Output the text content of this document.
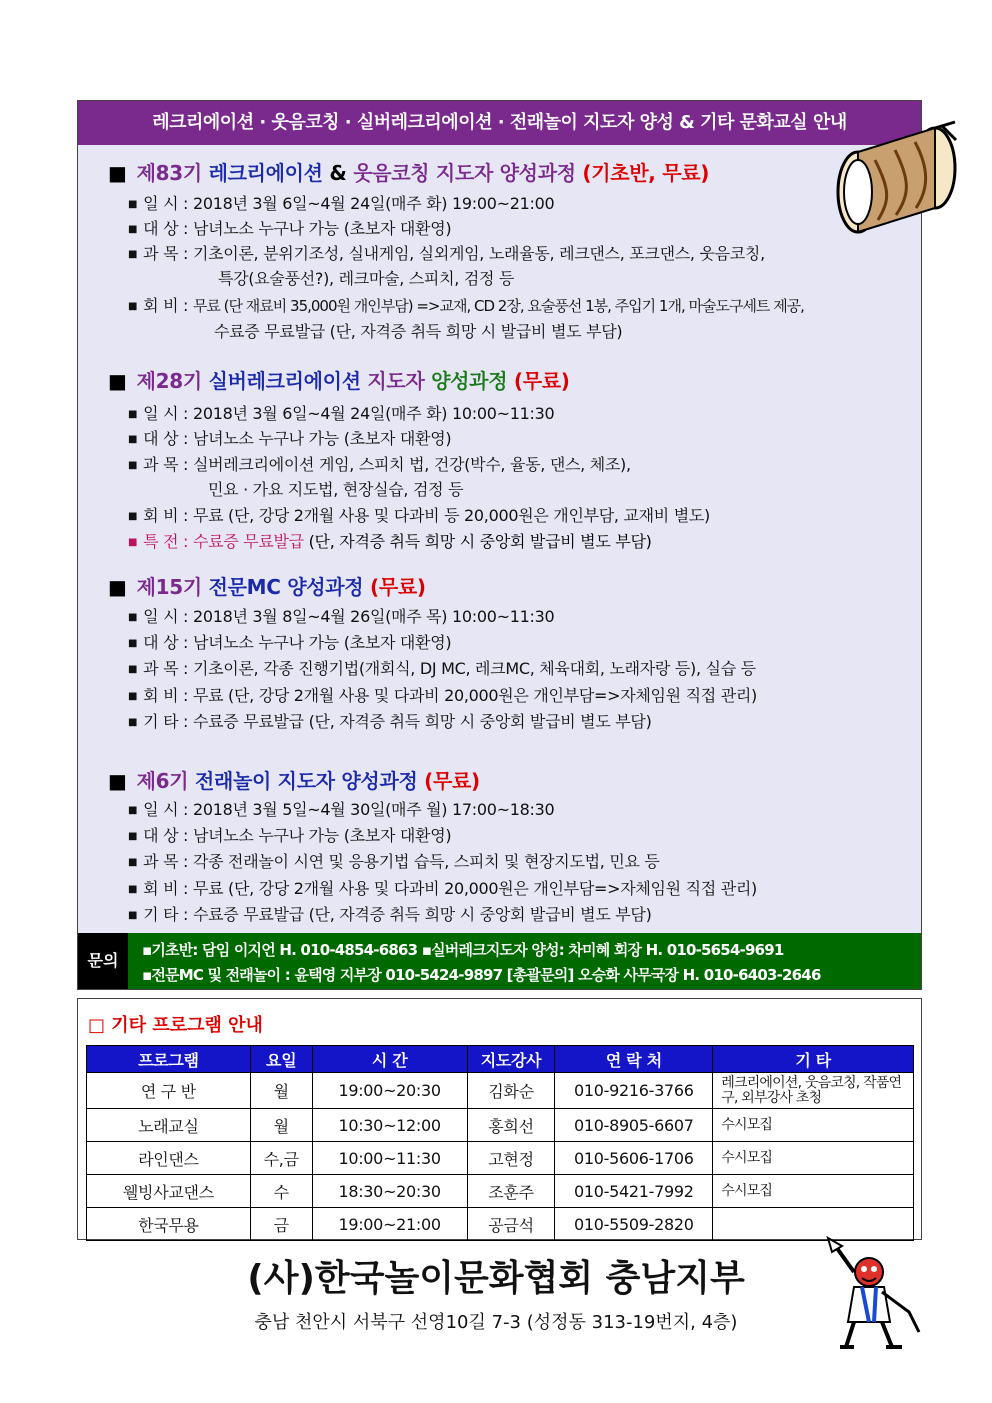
레크리에이션 · 웃음코칭 · 실버레크리에이션 · 전래놀이 지도자 양성 & 기타 문화교실 안내
■ 제83기 레크리에이션 & 웃음코칭 지도자 양성과정 (기초반, 무료)
■ 일 시 : 2018년 3월 6일~4월 24일(매주 화) 19:00~21:00
■ 대 상 : 남녀노소 누구나 가능 (초보자 대환영)
■ 과 목 : 기초이론, 분위기조성, 실내게임, 실외게임, 노래율동, 레크댄스, 포크댄스, 웃음코칭,
특강(요술풍선?), 레크마술, 스피치, 검정 등
■ 회 비 : 무료 (단 재료비 35,000원 개인부담) =>교재, CD 2장, 요술풍선 1봉, 주입기 1개, 마술도구세트 제공,
수료증 무료발급 (단, 자격증 취득 희망 시 발급비 별도 부담)
■ 제28기 실버레크리에이션 지도자 양성과정 (무료)
■ 일 시 : 2018년 3월 6일~4월 24일(매주 화) 10:00~11:30
■ 대 상 : 남녀노소 누구나 가능 (초보자 대환영)
■ 과 목 : 실버레크리에이션 게임, 스피치 법, 건강(박수, 율동, 댄스, 체조),
민요 · 가요 지도법, 현장실습, 검정 등
■ 회 비 : 무료 (단, 강당 2개월 사용 및 다과비 등 20,000원은 개인부담, 교재비 별도)
■ 특 전 : 수료증 무료발급 (단, 자격증 취득 희망 시 중앙회 발급비 별도 부담)
■ 제15기 전문MC 양성과정 (무료)
■ 일 시 : 2018년 3월 8일~4월 26일(매주 목) 10:00~11:30
■ 대 상 : 남녀노소 누구나 가능 (초보자 대환영)
■ 과 목 : 기초이론, 각종 진행기법(개회식, DJ MC, 레크MC, 체육대회, 노래자랑 등), 실습 등
■ 회 비 : 무료 (단, 강당 2개월 사용 및 다과비 20,000원은 개인부담=>자체임원 직접 관리)
■ 기 타 : 수료증 무료발급 (단, 자격증 취득 희망 시 중앙회 발급비 별도 부담)
■ 제6기 전래놀이 지도자 양성과정 (무료)
■ 일 시 : 2018년 3월 5일~4월 30일(매주 월) 17:00~18:30
■ 대 상 : 남녀노소 누구나 가능 (초보자 대환영)
■ 과 목 : 각종 전래놀이 시연 및 응용기법 습득, 스피치 및 현장지도법, 민요 등
■ 회 비 : 무료 (단, 강당 2개월 사용 및 다과비 20,000원은 개인부담=>자체임원 직접 관리)
■ 기 타 : 수료증 무료발급 (단, 자격증 취득 희망 시 중앙회 발급비 별도 부담)
문의
▪기초반: 담임 이지언 H. 010-4854-6863 ▪실버레크지도자 양성: 차미혜 회장 H. 010-5654-9691
▪전문MC 및 전래놀이 : 윤택영 지부장 010-5424-9897 [총괄문의] 오승화 사무국장 H. 010-6403-2646
□ 기타 프로그램 안내
프로그램	요일	시 간	지도강사	연 락 처	기 타
연 구 반	월	19:00~20:30	김화순	010-9216-3766	레크리에이션, 웃음코칭, 작품연구, 외부강사 초청
노래교실	월	10:30~12:00	홍희선	010-8905-6607	수시모집
라인댄스	수,금	10:00~11:30	고현정	010-5606-1706	수시모집
웰빙사교댄스	수	18:30~20:30	조훈주	010-5421-7992	수시모집
한국무용	금	19:00~21:00	공금석	010-5509-2820	
(사)한국놀이문화협회 충남지부
충남 천안시 서북구 선영10길 7-3 (성정동 313-19번지, 4층)
